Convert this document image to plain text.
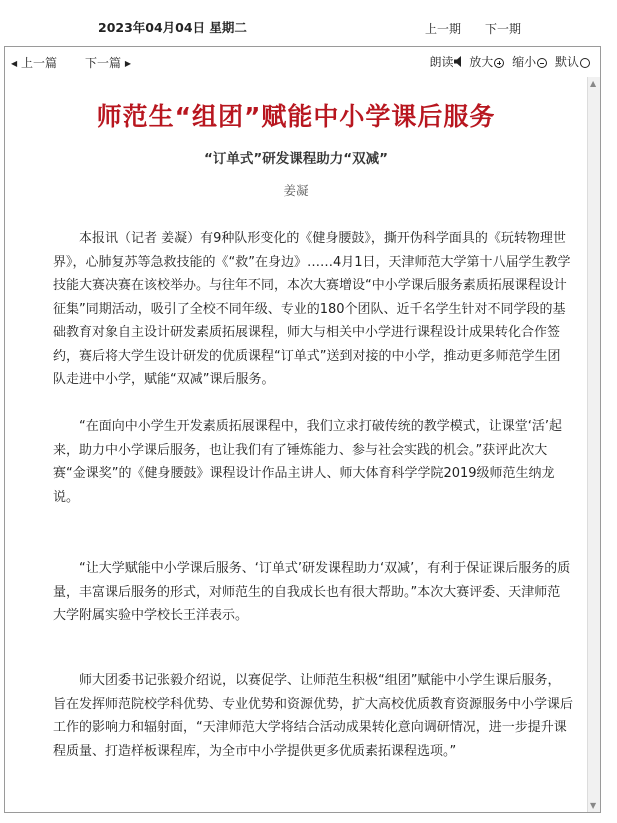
2023年04月04日 星期二	上一期 下一期
◀ 上一篇 下一篇 ▶	朗读 放大 缩小 默认
师范生“组团”赋能中小学课后服务
“订单式”研发课程助力“双减”
姜凝

本报讯（记者 姜凝）有9种队形变化的《健身腰鼓》，撕开伪科学面具的《玩转物理世界》，心肺复苏等急救技能的《“救”在身边》……4月1日，天津师范大学第十八届学生教学技能大赛决赛在该校举办。与往年不同，本次大赛增设“中小学课后服务素质拓展课程设计征集”同期活动，吸引了全校不同年级、专业的180个团队、近千名学生针对不同学段的基础教育对象自主设计研发素质拓展课程，师大与相关中小学进行课程设计成果转化合作签约，赛后将大学生设计研发的优质课程“订单式”送到对接的中小学，推动更多师范学生团队走进中小学，赋能“双减”课后服务。

“在面向中小学生开发素质拓展课程中，我们立求打破传统的教学模式，让课堂‘活’起来，助力中小学课后服务，也让我们有了锤炼能力、参与社会实践的机会。”获评此次大赛“金课奖”的《健身腰鼓》课程设计作品主讲人、师大体育科学学院2019级师范生纳龙说。

“让大学赋能中小学课后服务、‘订单式’研发课程助力‘双减’，有利于保证课后服务的质量，丰富课后服务的形式，对师范生的自我成长也有很大帮助。”本次大赛评委、天津师范大学附属实验中学校长王洋表示。

师大团委书记张毅介绍说，以赛促学、让师范生积极“组团”赋能中小学生课后服务，旨在发挥师范院校学科优势、专业优势和资源优势，扩大高校优质教育资源服务中小学课后工作的影响力和辐射面，“天津师范大学将结合活动成果转化意向调研情况，进一步提升课程质量、打造样板课程库，为全市中小学提供更多优质素拓课程选项。”

▲
▼
